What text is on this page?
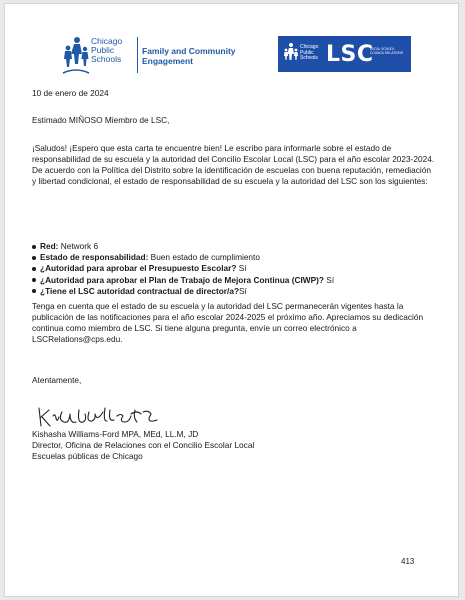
Chicago
Public
Schools
Family and Community
Engagement
Chicago
Public
Schools LSC
LOCAL SCHOOL COUNCIL RELATIONS
10 de enero de 2024
Estimado MIÑOSO Miembro de LSC,
¡Saludos! ¡Espero que esta carta te encuentre bien! Le escribo para informarle sobre el estado de responsabilidad de su escuela y la autoridad del Concilio Escolar Local (LSC) para el año escolar 2023-2024. De acuerdo con la Política del Distrito sobre la identificación de escuelas con buena reputación, remediación y libertad condicional, el estado de responsabilidad de su escuela y la autoridad del LSC son los siguientes:
Red: Network 6
Estado de responsabilidad: Buen estado de cumplimiento
¿Autoridad para aprobar el Presupuesto Escolar? Sí
¿Autoridad para aprobar el Plan de Trabajo de Mejora Continua (CIWP)? Sí
¿Tiene el LSC autoridad contractual de director/a?Sí
Tenga en cuenta que el estado de su escuela y la autoridad del LSC permanecerán vigentes hasta la publicación de las notificaciones para el año escolar 2024-2025 el próximo año. Apreciamos su dedicación continua como miembro de LSC. Si tiene alguna pregunta, envíe un correo electrónico a LSCRelations@cps.edu.
Atentamente,
Kishasha Williams-Ford MPA, MEd, LL.M, JD
Director, Oficina de Relaciones con el Concilio Escolar Local
Escuelas públicas de Chicago
413
